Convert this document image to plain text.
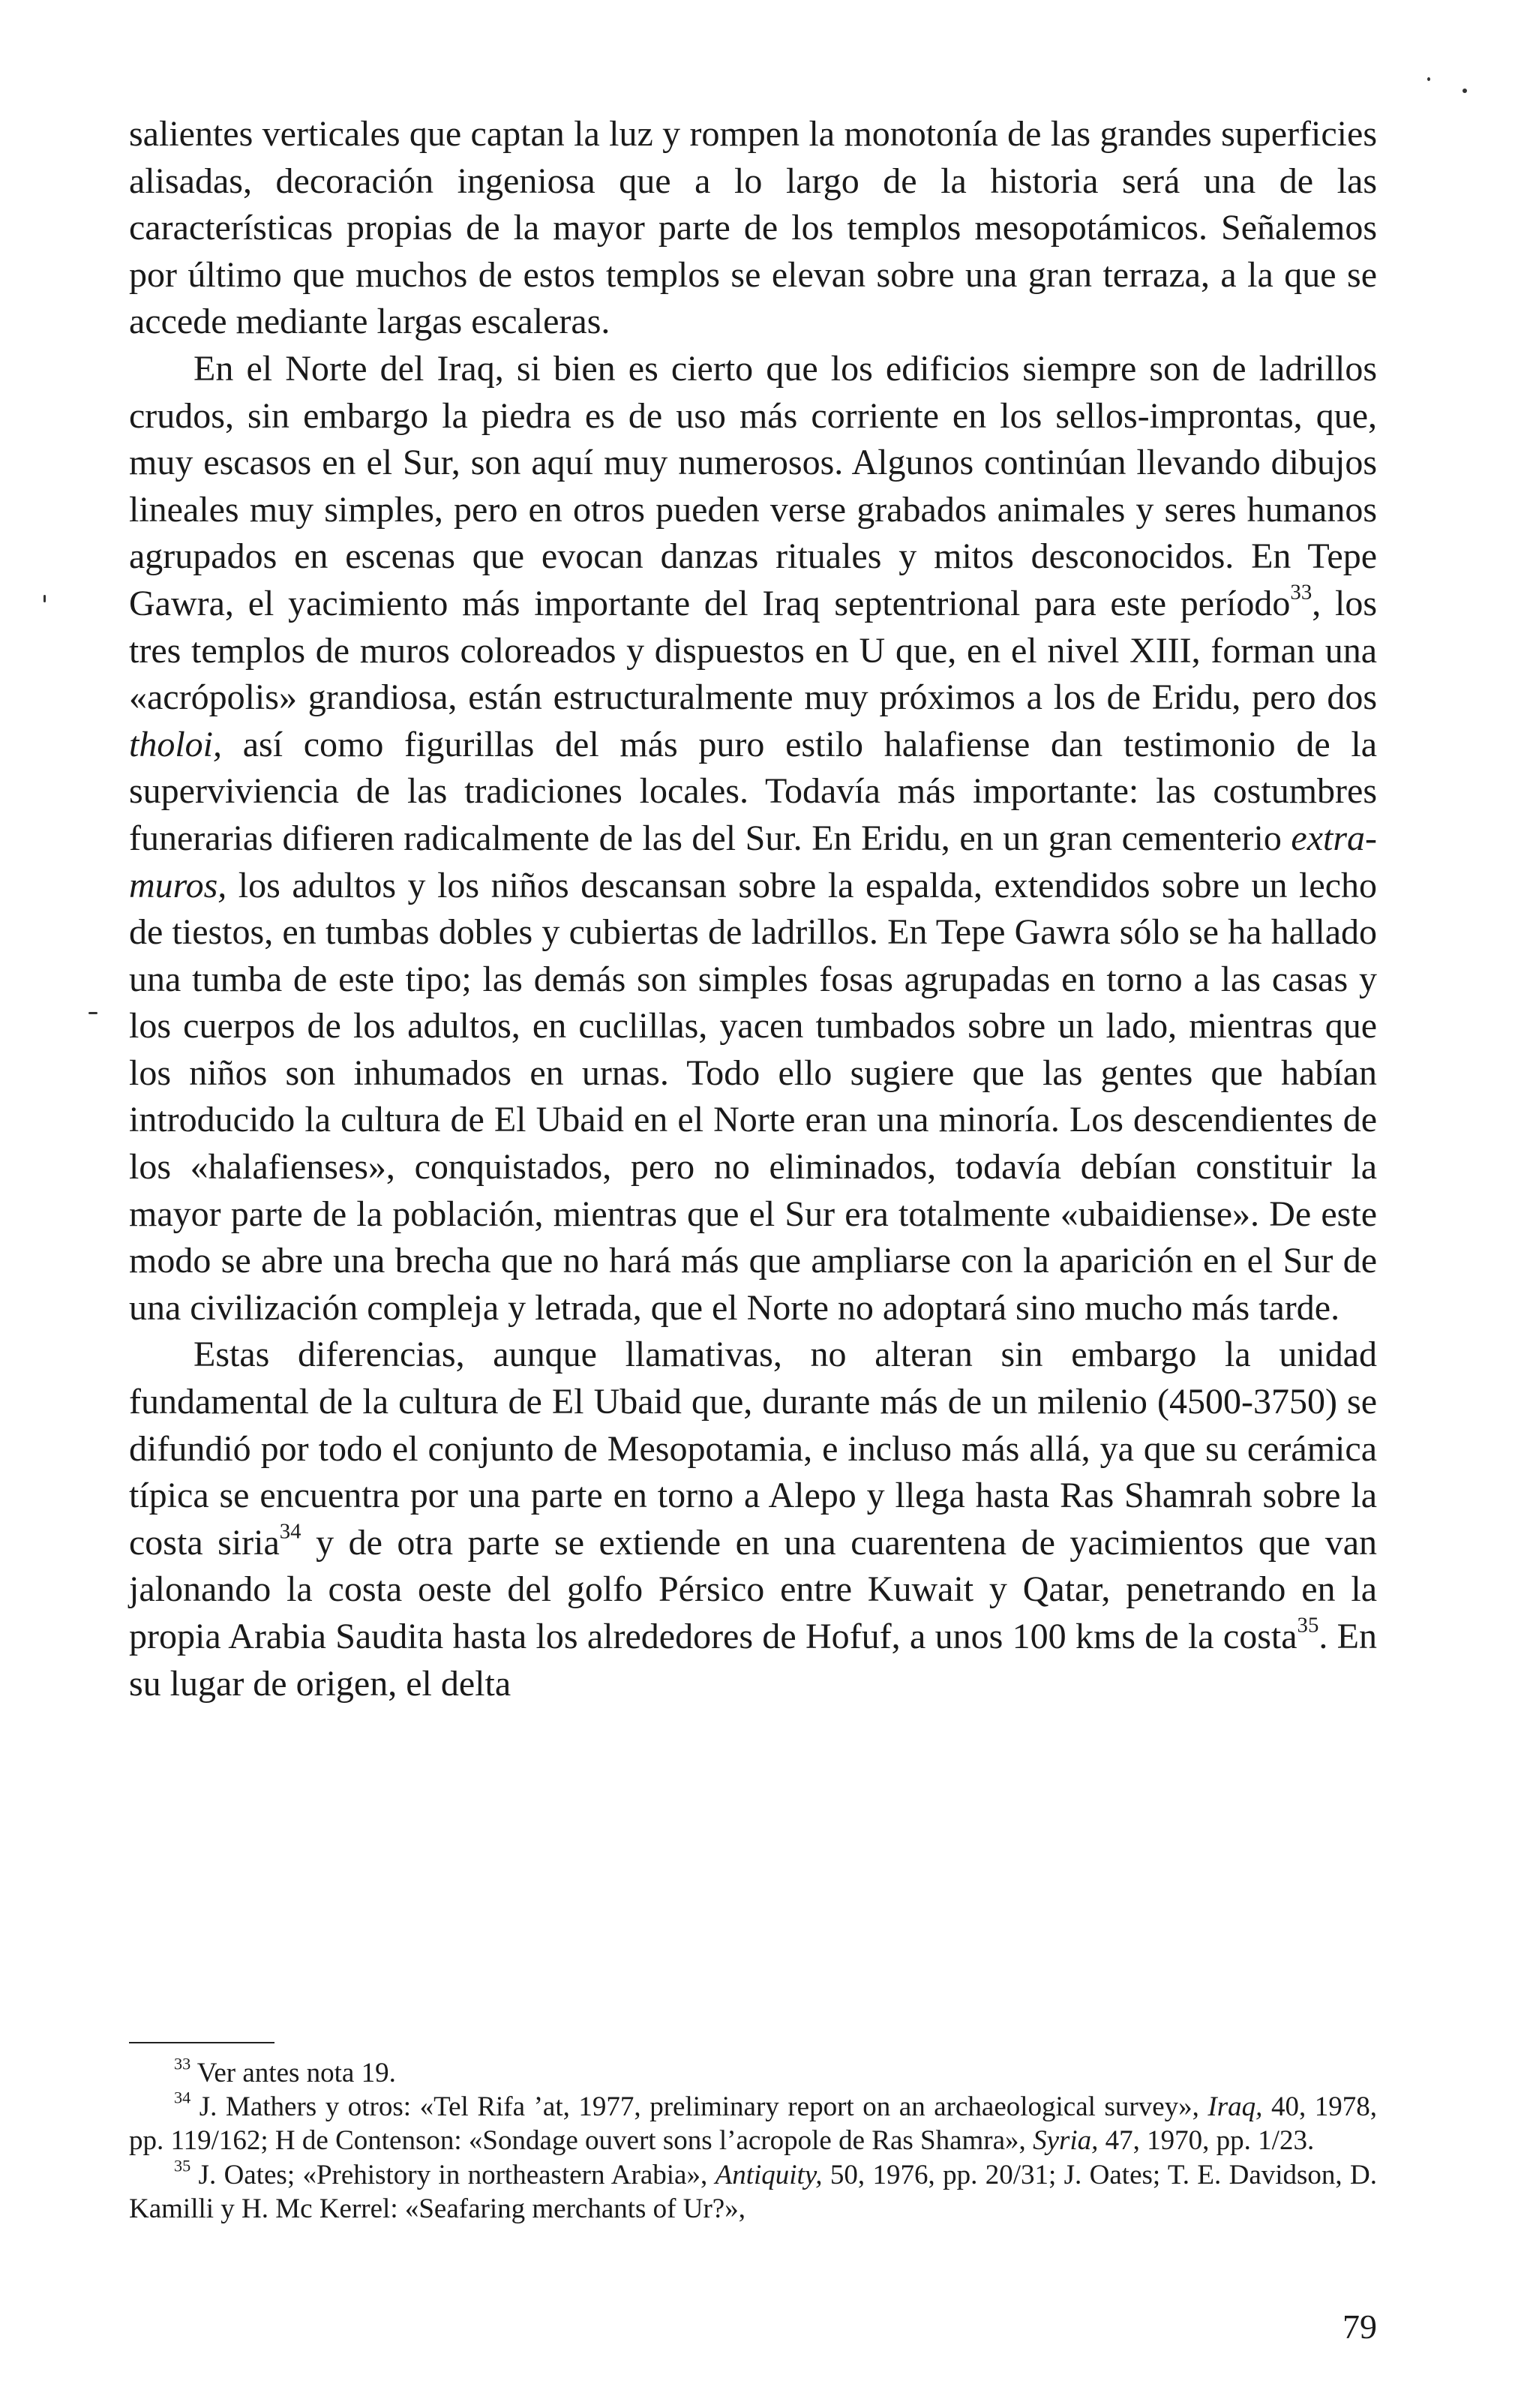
salientes verticales que captan la luz y rompen la monotonía de las grandes superficies alisadas, decoración ingeniosa que a lo largo de la historia será una de las características propias de la mayor parte de los templos mesopotámicos. Señalemos por último que muchos de estos templos se elevan sobre una gran terraza, a la que se accede mediante largas escaleras.

En el Norte del Iraq, si bien es cierto que los edificios siempre son de ladrillos crudos, sin embargo la piedra es de uso más corriente en los sellos-improntas, que, muy escasos en el Sur, son aquí muy numerosos. Algunos continúan llevando dibujos lineales muy simples, pero en otros pueden verse grabados animales y seres humanos agrupados en escenas que evocan danzas rituales y mitos desconocidos. En Tepe Gawra, el yacimiento más importante del Iraq septentrional para este período$^{33}$, los tres templos de muros coloreados y dispuestos en U que, en el nivel XIII, forman una «acrópolis» grandiosa, están estructuralmente muy próximos a los de Eridu, pero dos tholoi, así como figurillas del más puro estilo halafiense dan testimonio de la superviviencia de las tradiciones locales. Todavía más importante: las costumbres funerarias difieren radicalmente de las del Sur. En Eridu, en un gran cementerio extra-muros, los adultos y los niños descansan sobre la espalda, extendidos sobre un lecho de tiestos, en tumbas dobles y cubiertas de ladrillos. En Tepe Gawra sólo se ha hallado una tumba de este tipo; las demás son simples fosas agrupadas en torno a las casas y los cuerpos de los adultos, en cuclillas, yacen tumbados sobre un lado, mientras que los niños son inhumados en urnas. Todo ello sugiere que las gentes que habían introducido la cultura de El Ubaid en el Norte eran una minoría. Los descendientes de los «halafienses», conquistados, pero no eliminados, todavía debían constituir la mayor parte de la población, mientras que el Sur era totalmente «ubaidiense». De este modo se abre una brecha que no hará más que ampliarse con la aparición en el Sur de una civilización compleja y letrada, que el Norte no adoptará sino mucho más tarde.

Estas diferencias, aunque llamativas, no alteran sin embargo la unidad fundamental de la cultura de El Ubaid que, durante más de un milenio (4500-3750) se difundió por todo el conjunto de Mesopotamia, e incluso más allá, ya que su cerámica típica se encuentra por una parte en torno a Alepo y llega hasta Ras Shamrah sobre la costa siria$^{34}$ y de otra parte se extiende en una cuarentena de yacimientos que van jalonando la costa oeste del golfo Pérsico entre Kuwait y Qatar, penetrando en la propia Arabia Saudita hasta los alrededores de Hofuf, a unos 100 kms de la costa$^{35}$. En su lugar de origen, el delta

$^{33}$ Ver antes nota 19.

$^{34}$ J. Mathers y otros: «Tel Rifa ’at, 1977, preliminary report on an archaeological survey», Iraq, 40, 1978, pp. 119/162; H de Contenson: «Sondage ouvert sons l’acropole de Ras Shamra», Syria, 47, 1970, pp. 1/23.

$^{35}$ J. Oates; «Prehistory in northeastern Arabia», Antiquity, 50, 1976, pp. 20/31; J. Oates; T. E. Davidson, D. Kamilli y H. Mc Kerrel: «Seafaring merchants of Ur?»,

79
